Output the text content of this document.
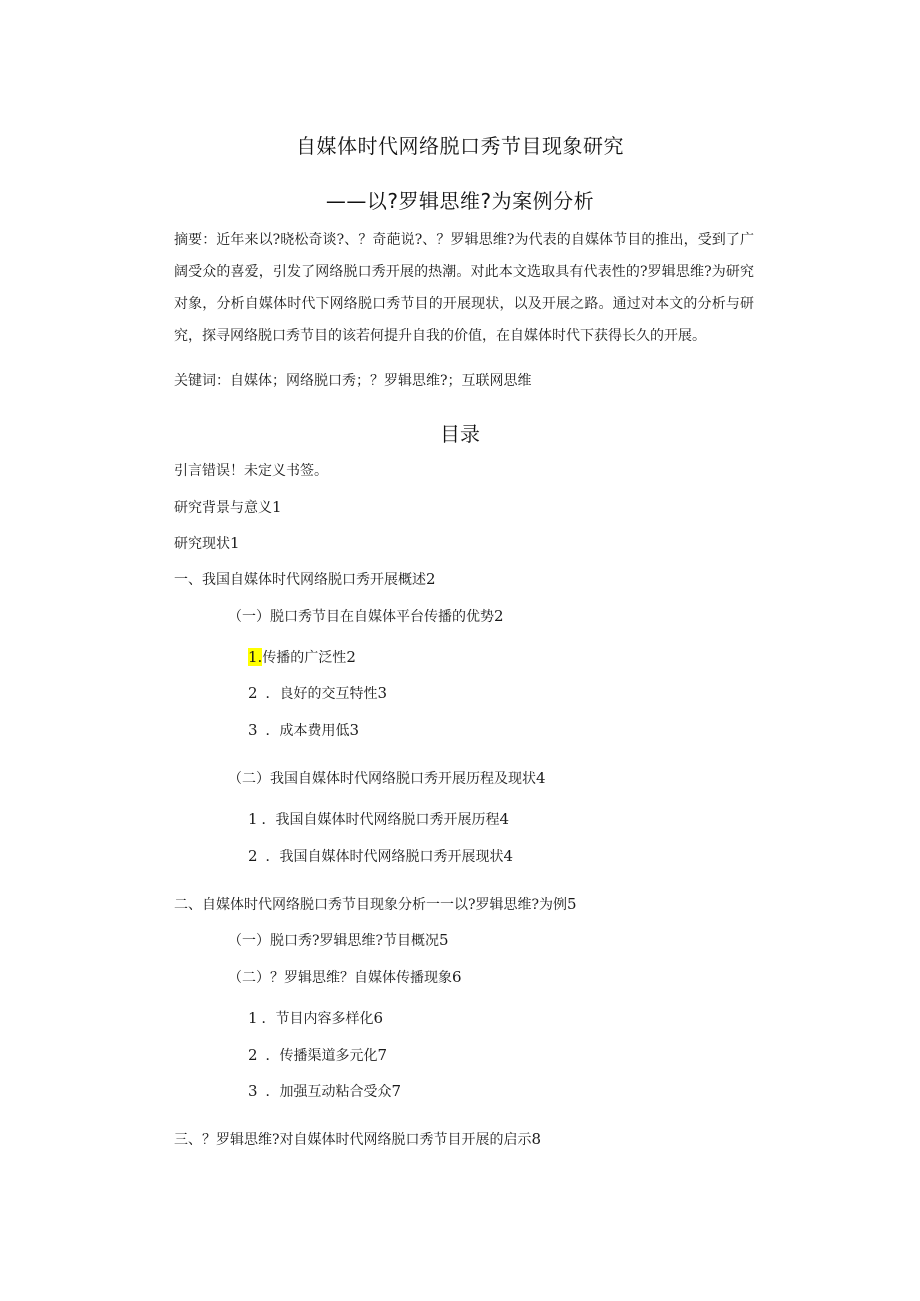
自媒体时代网络脱口秀节目现象研究
——以?罗辑思维?为案例分析
摘要：近年来以?晓松奇谈?、？奇葩说?、？罗辑思维?为代表的自媒体节目的推出，受到了广阔受众的喜爱，引发了网络脱口秀开展的热潮。对此本文选取具有代表性的?罗辑思维?为研究对象，分析自媒体时代下网络脱口秀节目的开展现状，以及开展之路。通过对本文的分析与研究，探寻网络脱口秀节目的该若何提升自我的价值，在自媒体时代下获得长久的开展。
关键词：自媒体；网络脱口秀；？罗辑思维?；互联网思维
目录
引言错误！未定义书签。
研究背景与意义1
研究现状1
一、我国自媒体时代网络脱口秀开展概述2
（一）脱口秀节目在自媒体平台传播的优势2
1.传播的广泛性2
2 ．良好的交互特性3
3 ．成本费用低3
（二）我国自媒体时代网络脱口秀开展历程及现状4
1 ．我国自媒体时代网络脱口秀开展历程4
2 ．我国自媒体时代网络脱口秀开展现状4
二、自媒体时代网络脱口秀节目现象分析一一以?罗辑思维?为例5
（一）脱口秀?罗辑思维?节目概况5
（二）？罗辑思维？自媒体传播现象6
1 ．节目内容多样化6
2 ．传播渠道多元化7
3 ．加强互动粘合受众7
三、？罗辑思维?对自媒体时代网络脱口秀节目开展的启示8
